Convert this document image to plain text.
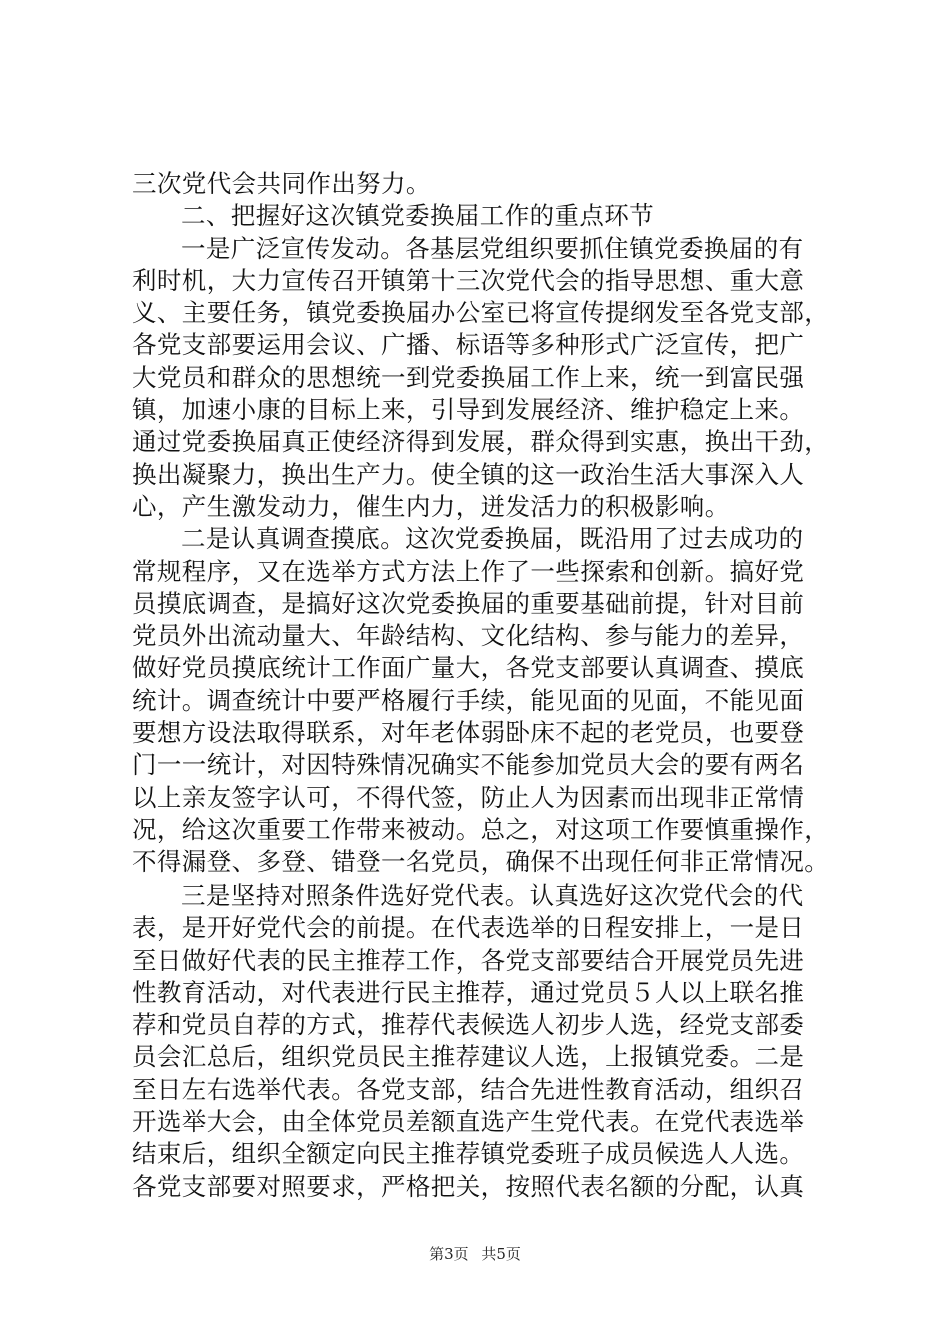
三次党代会共同作出努力。
二、把握好这次镇党委换届工作的重点环节
一是广泛宣传发动。各基层党组织要抓住镇党委换届的有
利时机，大力宣传召开镇第十三次党代会的指导思想、重大意
义、主要任务，镇党委换届办公室已将宣传提纲发至各党支部，
各党支部要运用会议、广播、标语等多种形式广泛宣传，把广
大党员和群众的思想统一到党委换届工作上来，统一到富民强
镇，加速小康的目标上来，引导到发展经济、维护稳定上来。
通过党委换届真正使经济得到发展，群众得到实惠，换出干劲，
换出凝聚力，换出生产力。使全镇的这一政治生活大事深入人
心，产生激发动力，催生内力，迸发活力的积极影响。
二是认真调查摸底。这次党委换届，既沿用了过去成功的
常规程序，又在选举方式方法上作了一些探索和创新。搞好党
员摸底调查，是搞好这次党委换届的重要基础前提，针对目前
党员外出流动量大、年龄结构、文化结构、参与能力的差异，
做好党员摸底统计工作面广量大，各党支部要认真调查、摸底
统计。调查统计中要严格履行手续，能见面的见面，不能见面
要想方设法取得联系，对年老体弱卧床不起的老党员，也要登
门一一统计，对因特殊情况确实不能参加党员大会的要有两名
以上亲友签字认可，不得代签，防止人为因素而出现非正常情
况，给这次重要工作带来被动。总之，对这项工作要慎重操作，
不得漏登、多登、错登一名党员，确保不出现任何非正常情况。
三是坚持对照条件选好党代表。认真选好这次党代会的代
表，是开好党代会的前提。在代表选举的日程安排上，一是日
至日做好代表的民主推荐工作，各党支部要结合开展党员先进
性教育活动，对代表进行民主推荐，通过党员５人以上联名推
荐和党员自荐的方式，推荐代表候选人初步人选，经党支部委
员会汇总后，组织党员民主推荐建议人选，上报镇党委。二是
至日左右选举代表。各党支部，结合先进性教育活动，组织召
开选举大会，由全体党员差额直选产生党代表。在党代表选举
结束后，组织全额定向民主推荐镇党委班子成员候选人人选。
各党支部要对照要求，严格把关，按照代表名额的分配，认真
第3页 共5页
